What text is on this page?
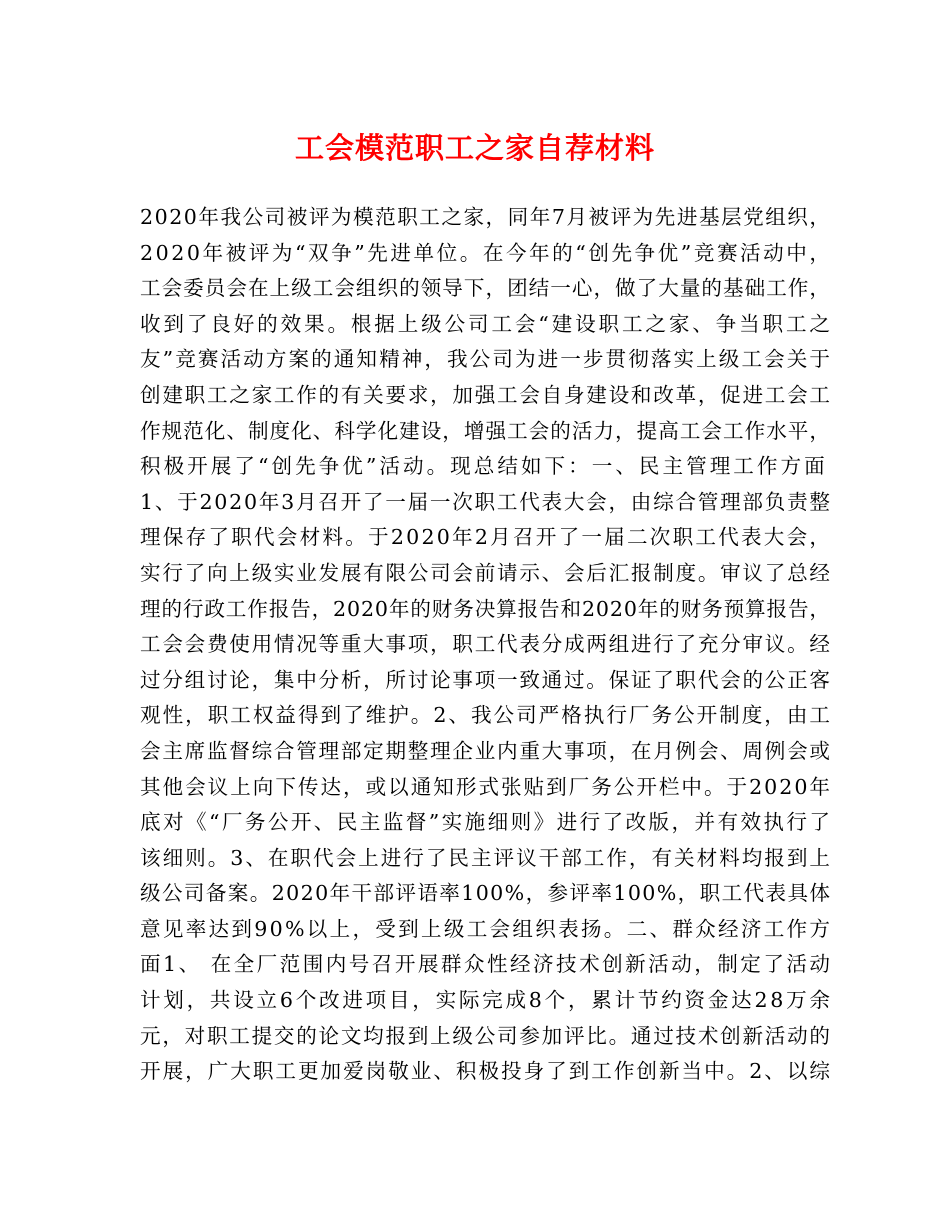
工会模范职工之家自荐材料
2020年我公司被评为模范职工之家，同年7月被评为先进基层党组织，
2020年被评为“双争”先进单位。在今年的“创先争优”竞赛活动中，
工会委员会在上级工会组织的领导下，团结一心，做了大量的基础工作，
收到了良好的效果。根据上级公司工会“建设职工之家、争当职工之
友”竞赛活动方案的通知精神，我公司为进一步贯彻落实上级工会关于
创建职工之家工作的有关要求，加强工会自身建设和改革，促进工会工
作规范化、制度化、科学化建设，增强工会的活力，提高工会工作水平，
积极开展了“创先争优”活动。现总结如下：一、民主管理工作方面
1、于2020年3月召开了一届一次职工代表大会，由综合管理部负责整
理保存了职代会材料。于2020年2月召开了一届二次职工代表大会，
实行了向上级实业发展有限公司会前请示、会后汇报制度。审议了总经
理的行政工作报告，2020年的财务决算报告和2020年的财务预算报告，
工会会费使用情况等重大事项，职工代表分成两组进行了充分审议。经
过分组讨论，集中分析，所讨论事项一致通过。保证了职代会的公正客
观性，职工权益得到了维护。2、我公司严格执行厂务公开制度，由工
会主席监督综合管理部定期整理企业内重大事项，在月例会、周例会或
其他会议上向下传达，或以通知形式张贴到厂务公开栏中。于2020年
底对《“厂务公开、民主监督”实施细则》进行了改版，并有效执行了
该细则。3、在职代会上进行了民主评议干部工作，有关材料均报到上
级公司备案。2020年干部评语率100%，参评率100%，职工代表具体
意见率达到90%以上，受到上级工会组织表扬。二、群众经济工作方
面1、 在全厂范围内号召开展群众性经济技术创新活动，制定了活动
计划，共设立6个改进项目，实际完成8个，累计节约资金达28万余
元，对职工提交的论文均报到上级公司参加评比。通过技术创新活动的
开展，广大职工更加爱岗敬业、积极投身了到工作创新当中。2、以综
